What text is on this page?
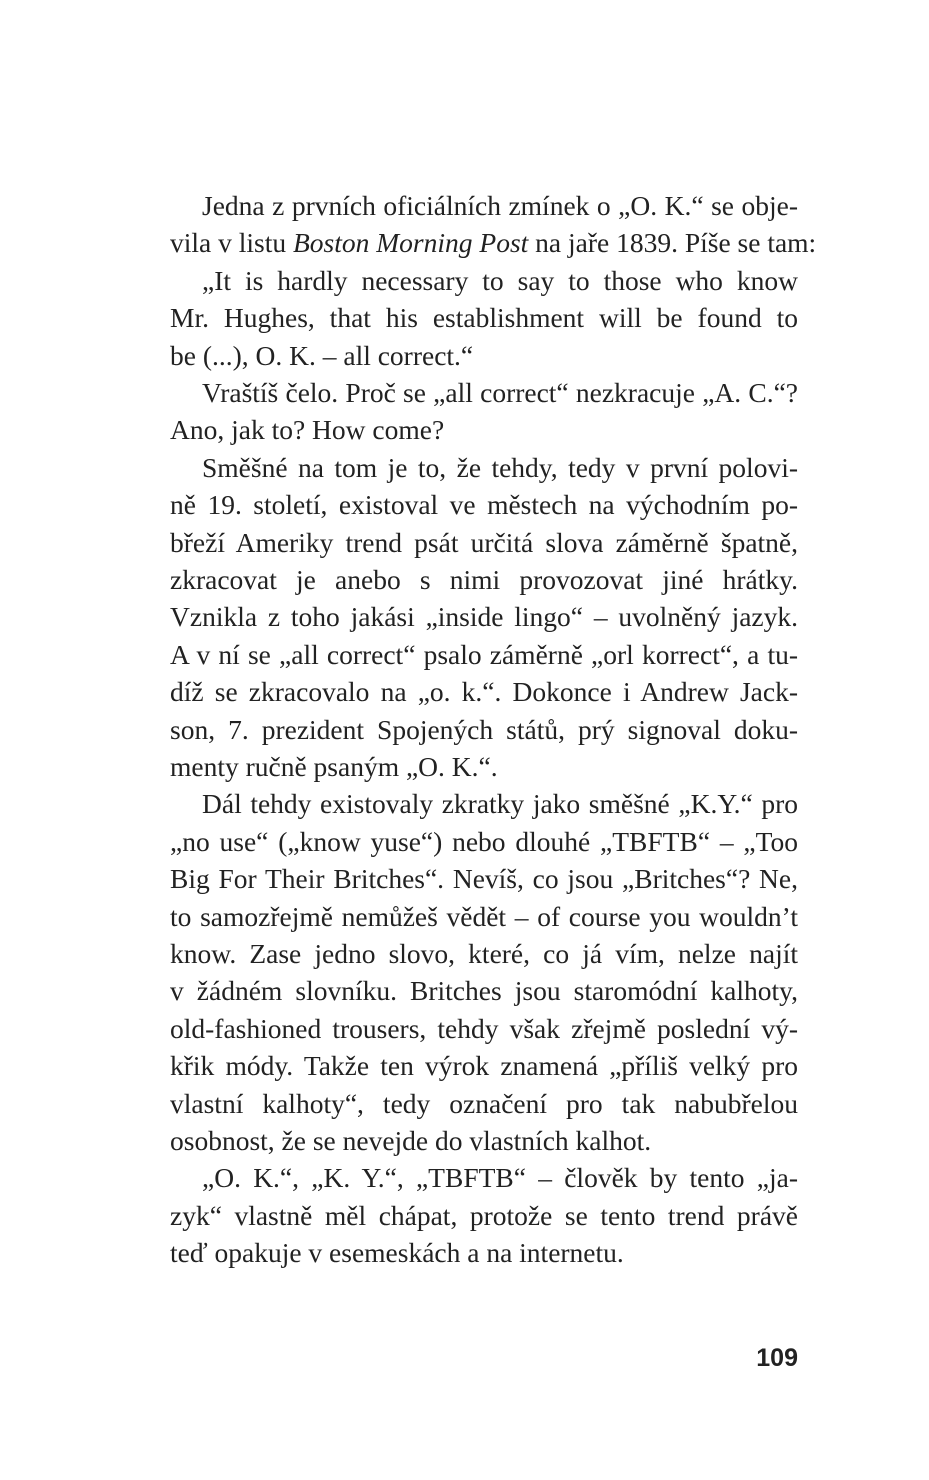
Jedna z prvních oficiálních zmínek o „O. K.“ se obje-
vila v listu Boston Morning Post na jaře 1839. Píše se tam:
„It is hardly necessary to say to those who know
Mr. Hughes, that his establishment will be found to
be (...), O. K. – all correct.“
Vraštíš čelo. Proč se „all correct“ nezkracuje „A. C.“?
Ano, jak to? How come?
Směšné na tom je to, že tehdy, tedy v první polovi-
ně 19. století, existoval ve městech na východním po-
břeží Ameriky trend psát určitá slova záměrně špatně,
zkracovat je anebo s nimi provozovat jiné hrátky.
Vznikla z toho jakási „inside lingo“ – uvolněný jazyk.
A v ní se „all correct“ psalo záměrně „orl korrect“, a tu-
díž se zkracovalo na „o. k.“. Dokonce i Andrew Jack-
son, 7. prezident Spojených států, prý signoval doku-
menty ručně psaným „O. K.“.
Dál tehdy existovaly zkratky jako směšné „K.Y.“ pro
„no use“ („know yuse“) nebo dlouhé „TBFTB“ – „Too
Big For Their Britches“. Nevíš, co jsou „Britches“? Ne,
to samozřejmě nemůžeš vědět – of course you wouldn’t
know. Zase jedno slovo, které, co já vím, nelze najít
v žádném slovníku. Britches jsou staromódní kalhoty,
old-fashioned trousers, tehdy však zřejmě poslední vý-
křik módy. Takže ten výrok znamená „příliš velký pro
vlastní kalhoty“, tedy označení pro tak nabubřelou
osobnost, že se nevejde do vlastních kalhot.
„O. K.“, „K. Y.“, „TBFTB“ – člověk by tento „ja-
zyk“ vlastně měl chápat, protože se tento trend právě
teď opakuje v esemeskách a na internetu.
109
